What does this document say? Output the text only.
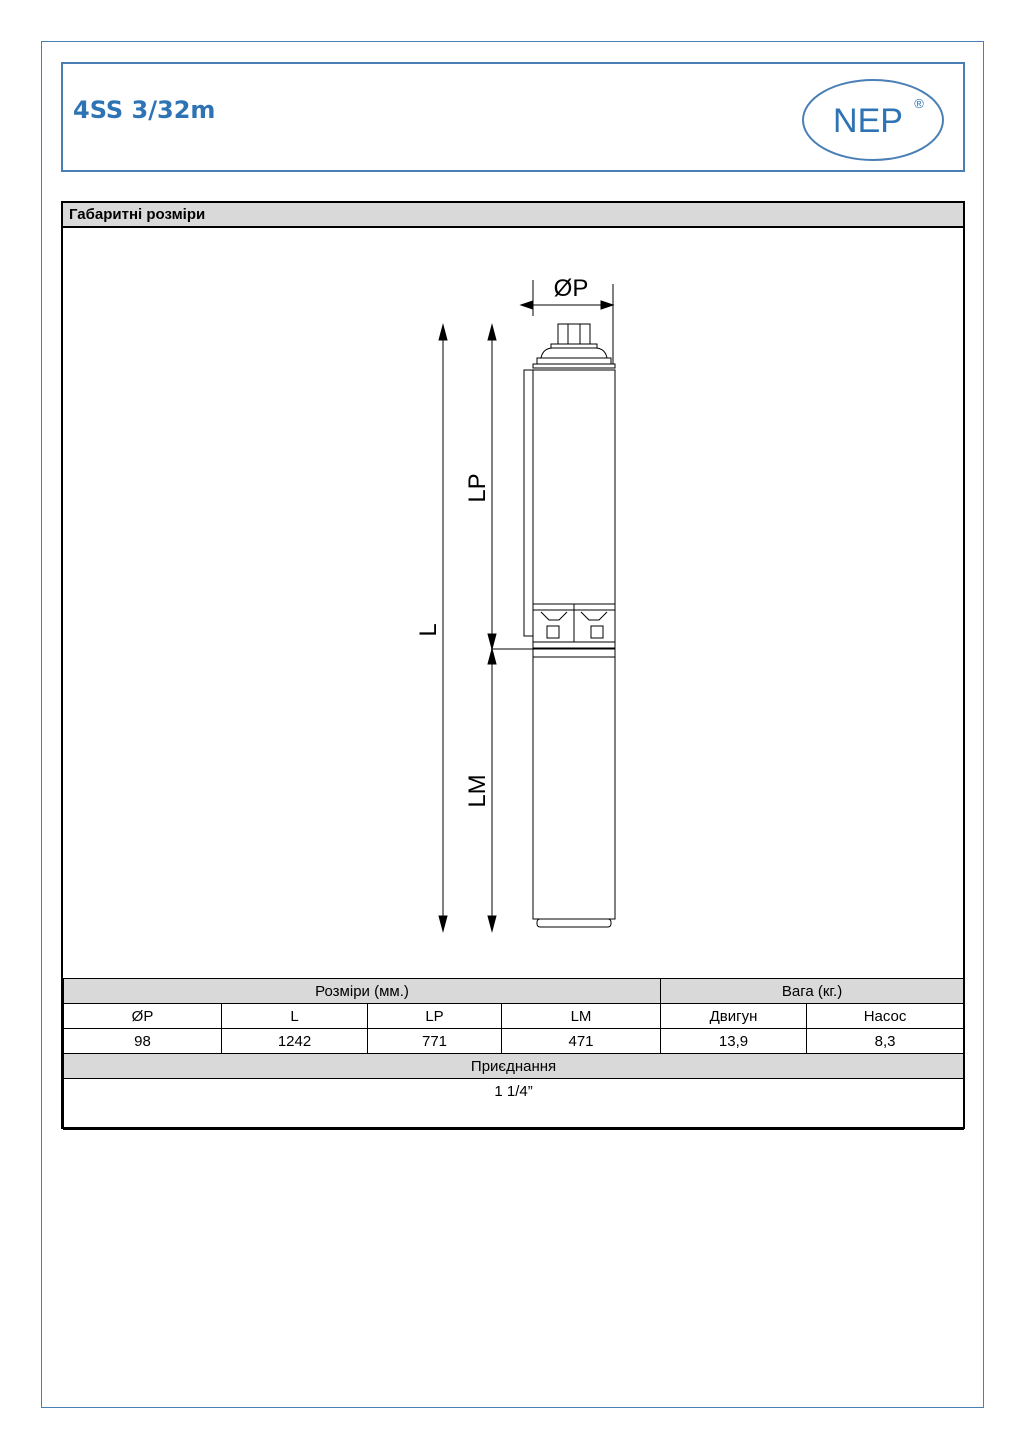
4SS 3/32m	NEP ®
Габаритні розміри
ØP
L
LP
LM
Розміри (мм.)				Вага (кг.)	
ØP	L	LP	LM	Двигун	Насос
98	1242	771	471	13,9	8,3
Приєднання					
1 1/4”					
